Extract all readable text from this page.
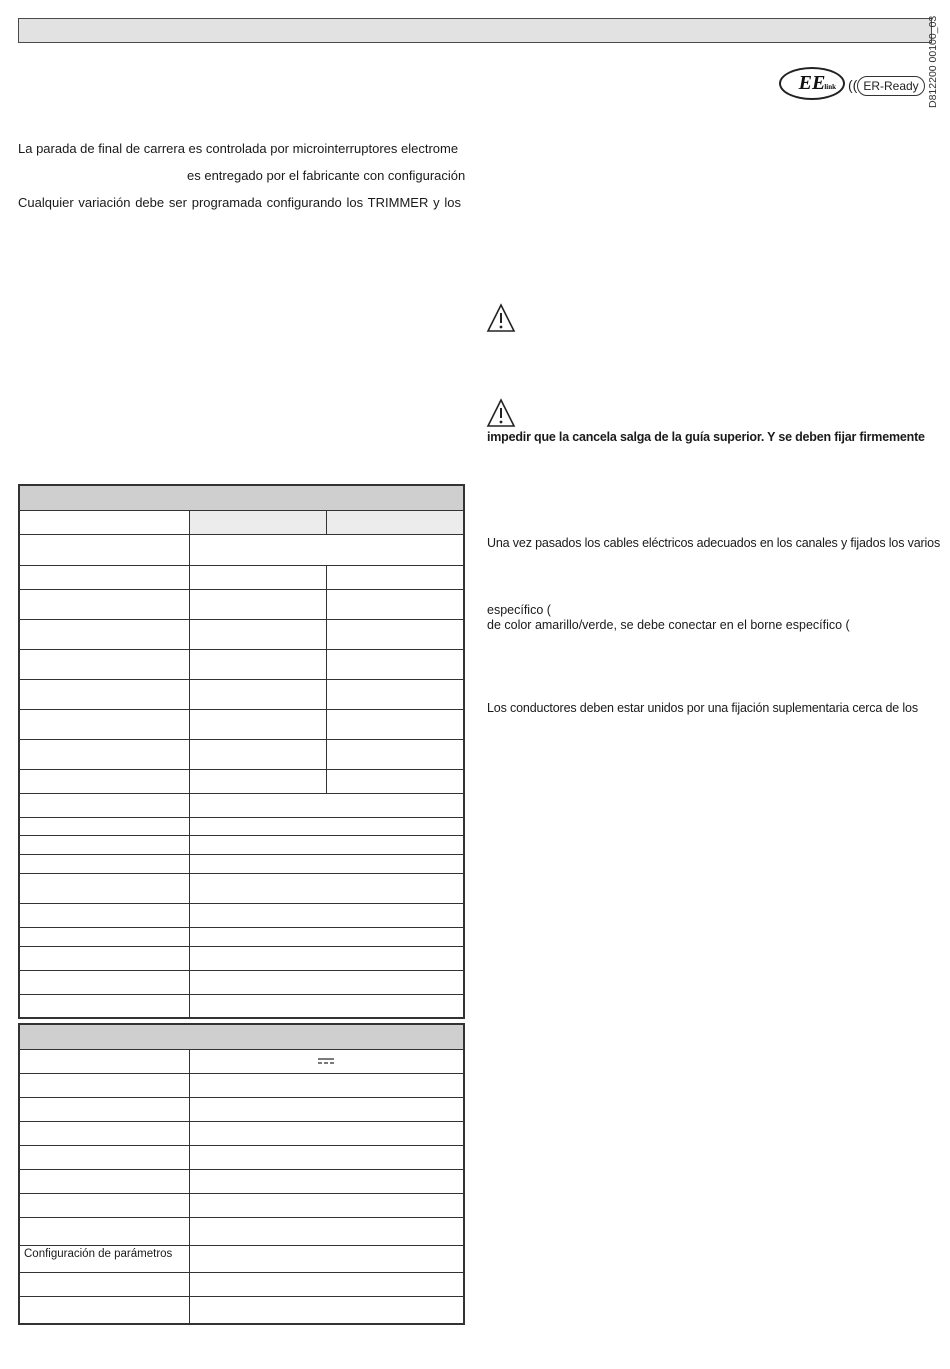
D812200 00100_03
EE
link (( ER-Ready
La parada de final de carrera es controlada por microinterruptores electrome
es entregado por el fabricante con configuración
Cualquier variación debe ser programada configurando los TRIMMER y los
impedir que la cancela salga de la guía superior. Y se deben fijar firmemente
Una vez pasados los cables eléctricos adecuados en los canales y fijados los varios
específico (
de color amarillo/verde, se debe conectar en el borne específico (
Los conductores deben estar unidos por una fijación suplementaria cerca de los

Configuración de parámetros	
